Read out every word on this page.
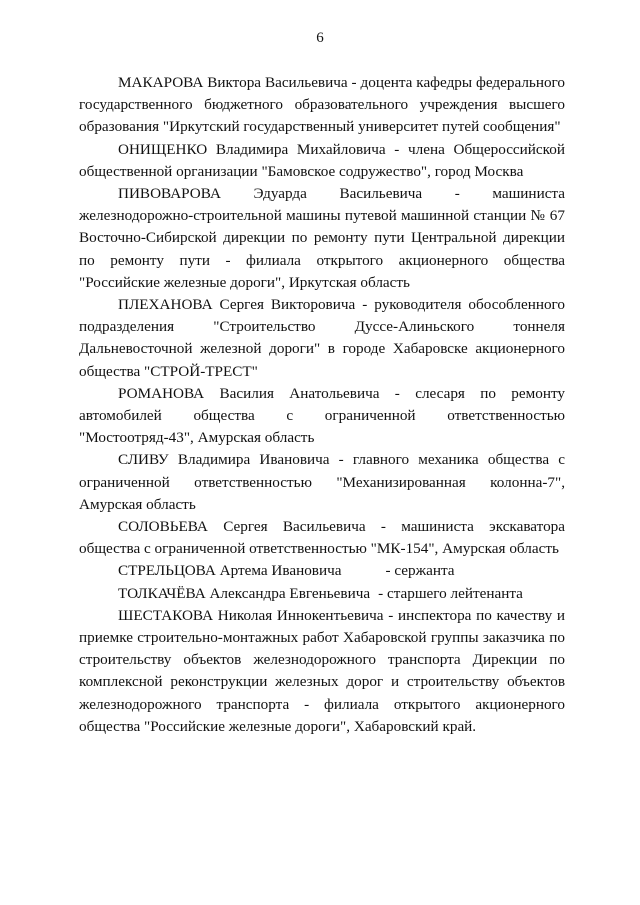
6

МАКАРОВА Виктора Васильевича - доцента кафедры федерального государственного бюджетного образовательного учреждения высшего образования "Иркутский государственный университет путей сообщения"

ОНИЩЕНКО Владимира Михайловича - члена Общероссийской общественной организации "Бамовское содружество", город Москва

ПИВОВАРОВА Эдуарда Васильевича - машиниста железнодорожно-строительной машины путевой машинной станции № 67 Восточно-Сибирской дирекции по ремонту пути Центральной дирекции по ремонту пути - филиала открытого акционерного общества "Российские железные дороги", Иркутская область

ПЛЕХАНОВА Сергея Викторовича - руководителя обособленного подразделения "Строительство Дуссе-Алиньского тоннеля Дальневосточной железной дороги" в городе Хабаровске акционерного общества "СТРОЙ-ТРЕСТ"

РОМАНОВА Василия Анатольевича - слесаря по ремонту автомобилей общества с ограниченной ответственностью "Мостоотряд-43", Амурская область

СЛИВУ Владимира Ивановича - главного механика общества с ограниченной ответственностью "Механизированная колонна-7", Амурская область

СОЛОВЬЕВА Сергея Васильевича - машиниста экскаватора общества с ограниченной ответственностью "МК-154", Амурская область

СТРЕЛЬЦОВА Артема Ивановича	- сержанта

ТОЛКАЧЁВА Александра Евгеньевича - старшего лейтенанта

ШЕСТАКОВА Николая Иннокентьевича - инспектора по качеству и приемке строительно-монтажных работ Хабаровской группы заказчика по строительству объектов железнодорожного транспорта Дирекции по комплексной реконструкции железных дорог и строительству объектов железнодорожного транспорта - филиала открытого акционерного общества "Российские железные дороги", Хабаровский край.
